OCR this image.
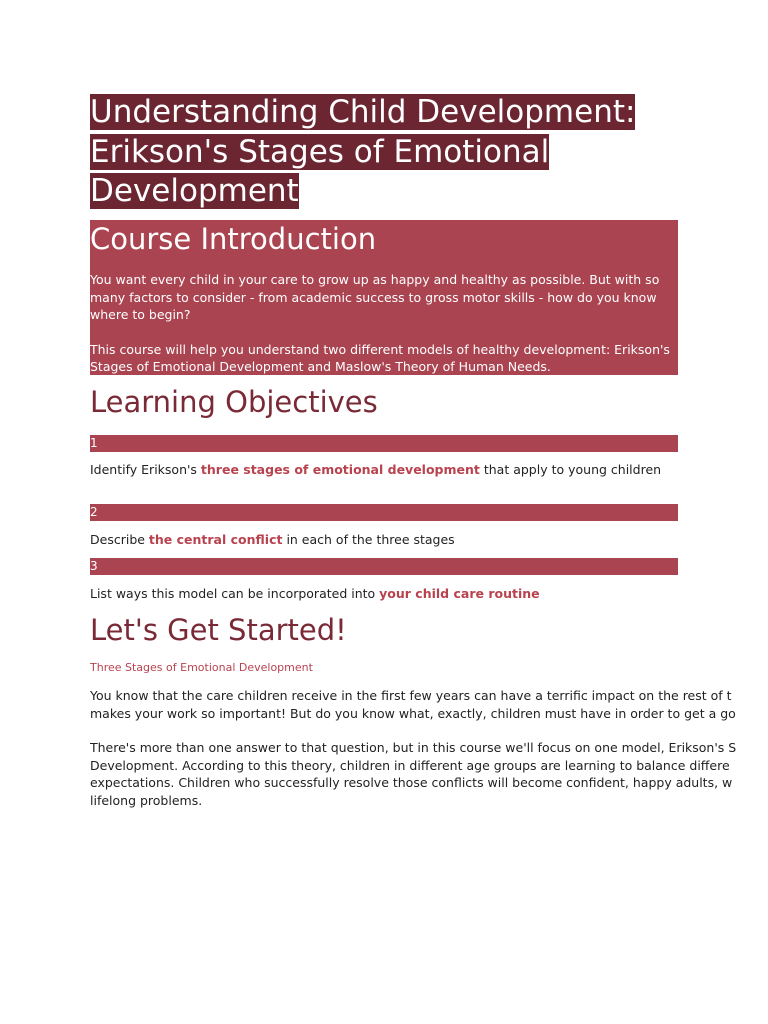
Understanding Child Development:
Erikson's Stages of Emotional
Development
Course Introduction

You want every child in your care to grow up as happy and healthy as possible. But with so many factors to consider - from academic success to gross motor skills - how do you know where to begin?

This course will help you understand two different models of healthy development: Erikson's Stages of Emotional Development and Maslow's Theory of Human Needs.

Learning Objectives
1
Identify Erikson's three stages of emotional development that apply to young children
2
Describe the central conflict in each of the three stages
3
List ways this model can be incorporated into your child care routine
Let's Get Started!
Three Stages of Emotional Development

You know that the care children receive in the first few years can have a terrific impact on the rest of t
makes your work so important! But do you know what, exactly, children must have in order to get a go

There's more than one answer to that question, but in this course we'll focus on one model, Erikson's S
Development. According to this theory, children in different age groups are learning to balance differe
expectations. Children who successfully resolve those conflicts will become confident, happy adults, w
lifelong problems.
